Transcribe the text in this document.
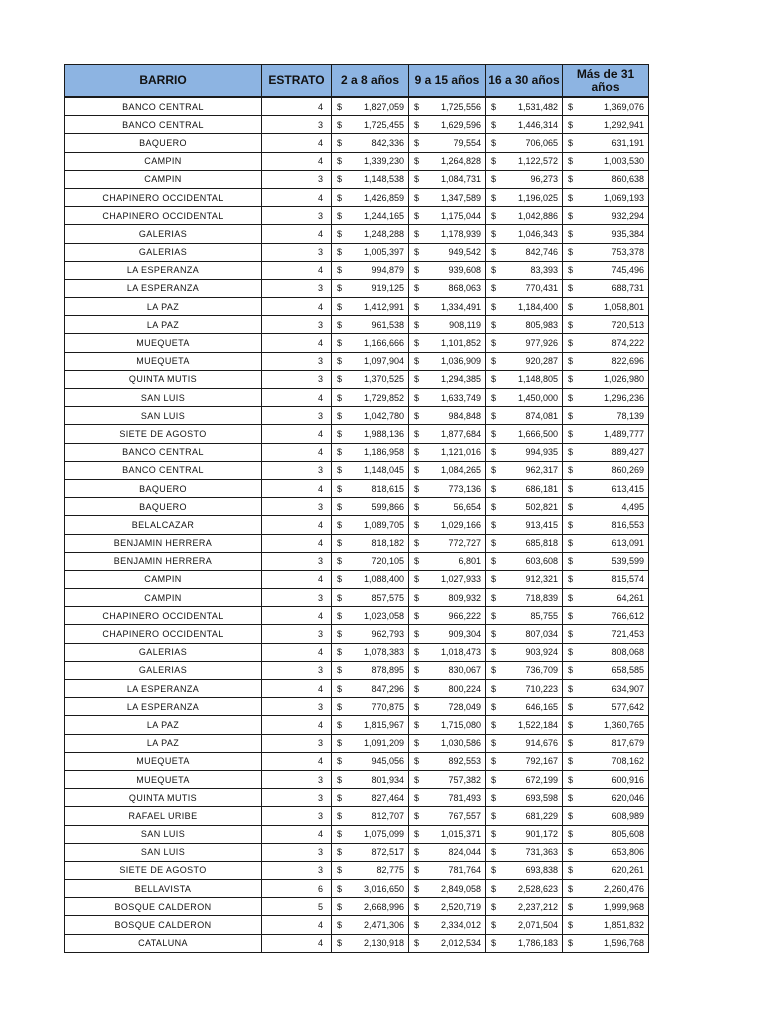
BARRIO	ESTRATO	2 a 8 años	9 a 15 años	16 a 30 años	Más de 31
años
BANCO CENTRAL	4	$ 1,827,059	$ 1,725,556	$ 1,531,482	$ 1,369,076
BANCO CENTRAL	3	$ 1,725,455	$ 1,629,596	$ 1,446,314	$ 1,292,941
BAQUERO	4	$ 842,336	$ 79,554	$ 706,065	$ 631,191
CAMPIN	4	$ 1,339,230	$ 1,264,828	$ 1,122,572	$ 1,003,530
CAMPIN	3	$ 1,148,538	$ 1,084,731	$ 96,273	$ 860,638
CHAPINERO OCCIDENTAL	4	$ 1,426,859	$ 1,347,589	$ 1,196,025	$ 1,069,193
CHAPINERO OCCIDENTAL	3	$ 1,244,165	$ 1,175,044	$ 1,042,886	$ 932,294
GALERIAS	4	$ 1,248,288	$ 1,178,939	$ 1,046,343	$ 935,384
GALERIAS	3	$ 1,005,397	$ 949,542	$ 842,746	$ 753,378
LA ESPERANZA	4	$ 994,879	$ 939,608	$ 83,393	$ 745,496
LA ESPERANZA	3	$ 919,125	$ 868,063	$ 770,431	$ 688,731
LA PAZ	4	$ 1,412,991	$ 1,334,491	$ 1,184,400	$ 1,058,801
LA PAZ	3	$ 961,538	$ 908,119	$ 805,983	$ 720,513
MUEQUETA	4	$ 1,166,666	$ 1,101,852	$ 977,926	$ 874,222
MUEQUETA	3	$ 1,097,904	$ 1,036,909	$ 920,287	$ 822,696
QUINTA MUTIS	3	$ 1,370,525	$ 1,294,385	$ 1,148,805	$ 1,026,980
SAN LUIS	4	$ 1,729,852	$ 1,633,749	$ 1,450,000	$ 1,296,236
SAN LUIS	3	$ 1,042,780	$ 984,848	$ 874,081	$ 78,139
SIETE DE AGOSTO	4	$ 1,988,136	$ 1,877,684	$ 1,666,500	$ 1,489,777
BANCO CENTRAL	4	$ 1,186,958	$ 1,121,016	$ 994,935	$ 889,427
BANCO CENTRAL	3	$ 1,148,045	$ 1,084,265	$ 962,317	$ 860,269
BAQUERO	4	$ 818,615	$ 773,136	$ 686,181	$ 613,415
BAQUERO	3	$ 599,866	$ 56,654	$ 502,821	$ 4,495
BELALCAZAR	4	$ 1,089,705	$ 1,029,166	$ 913,415	$ 816,553
BENJAMIN HERRERA	4	$ 818,182	$ 772,727	$ 685,818	$ 613,091
BENJAMIN HERRERA	3	$ 720,105	$ 6,801	$ 603,608	$ 539,599
CAMPIN	4	$ 1,088,400	$ 1,027,933	$ 912,321	$ 815,574
CAMPIN	3	$ 857,575	$ 809,932	$ 718,839	$ 64,261
CHAPINERO OCCIDENTAL	4	$ 1,023,058	$ 966,222	$ 85,755	$ 766,612
CHAPINERO OCCIDENTAL	3	$ 962,793	$ 909,304	$ 807,034	$ 721,453
GALERIAS	4	$ 1,078,383	$ 1,018,473	$ 903,924	$ 808,068
GALERIAS	3	$ 878,895	$ 830,067	$ 736,709	$ 658,585
LA ESPERANZA	4	$ 847,296	$ 800,224	$ 710,223	$ 634,907
LA ESPERANZA	3	$ 770,875	$ 728,049	$ 646,165	$ 577,642
LA PAZ	4	$ 1,815,967	$ 1,715,080	$ 1,522,184	$ 1,360,765
LA PAZ	3	$ 1,091,209	$ 1,030,586	$ 914,676	$ 817,679
MUEQUETA	4	$ 945,056	$ 892,553	$ 792,167	$ 708,162
MUEQUETA	3	$ 801,934	$ 757,382	$ 672,199	$ 600,916
QUINTA MUTIS	3	$ 827,464	$ 781,493	$ 693,598	$ 620,046
RAFAEL URIBE	3	$ 812,707	$ 767,557	$ 681,229	$ 608,989
SAN LUIS	4	$ 1,075,099	$ 1,015,371	$ 901,172	$ 805,608
SAN LUIS	3	$ 872,517	$ 824,044	$ 731,363	$ 653,806
SIETE DE AGOSTO	3	$ 82,775	$ 781,764	$ 693,838	$ 620,261
BELLAVISTA	6	$ 3,016,650	$ 2,849,058	$ 2,528,623	$ 2,260,476
BOSQUE CALDERON	5	$ 2,668,996	$ 2,520,719	$ 2,237,212	$ 1,999,968
BOSQUE CALDERON	4	$ 2,471,306	$ 2,334,012	$ 2,071,504	$ 1,851,832
CATALUNA	4	$ 2,130,918	$ 2,012,534	$ 1,786,183	$ 1,596,768
